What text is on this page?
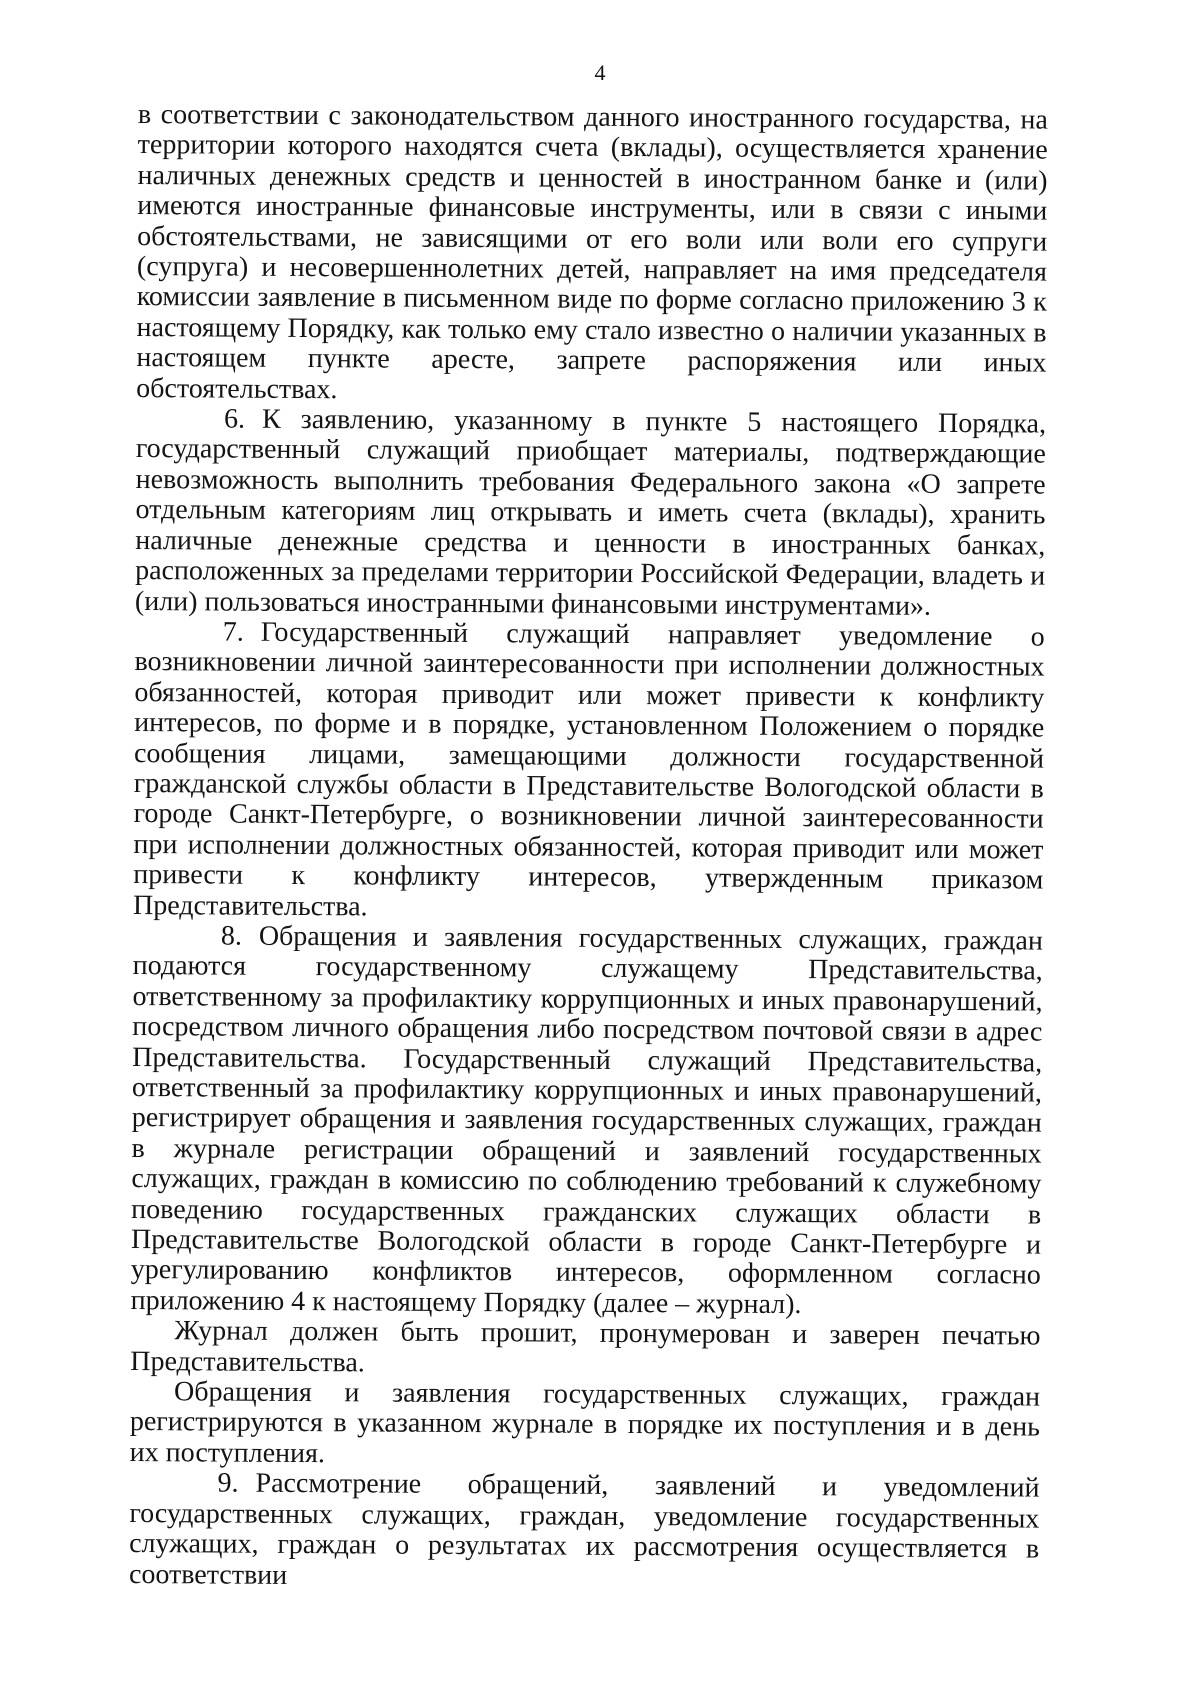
4

в соответствии с законодательством данного иностранного государства, на территории которого находятся счета (вклады), осуществляется хранение наличных денежных средств и ценностей в иностранном банке и (или) имеются иностранные финансовые инструменты, или в связи с иными обстоятельствами, не зависящими от его воли или воли его супруги (супруга) и несовершеннолетних детей, направляет на имя председателя комиссии заявление в письменном виде по форме согласно приложению 3 к настоящему Порядку, как только ему стало известно о наличии указанных в настоящем пункте аресте, запрете распоряжения или иных обстоятельствах.

6. К заявлению, указанному в пункте 5 настоящего Порядка, государственный служащий приобщает материалы, подтверждающие невозможность выполнить требования Федерального закона «О запрете отдельным категориям лиц открывать и иметь счета (вклады), хранить наличные денежные средства и ценности в иностранных банках, расположенных за пределами территории Российской Федерации, владеть и (или) пользоваться иностранными финансовыми инструментами».

7. Государственный служащий направляет уведомление о возникновении личной заинтересованности при исполнении должностных обязанностей, которая приводит или может привести к конфликту интересов, по форме и в порядке, установленном Положением о порядке сообщения лицами, замещающими должности государственной гражданской службы области в Представительстве Вологодской области в городе Санкт-Петербурге, о возникновении личной заинтересованности при исполнении должностных обязанностей, которая приводит или может привести к конфликту интересов, утвержденным приказом Представительства.

8. Обращения и заявления государственных служащих, граждан подаются государственному служащему Представительства, ответственному за профилактику коррупционных и иных правонарушений, посредством личного обращения либо посредством почтовой связи в адрес Представительства. Государственный служащий Представительства, ответственный за профилактику коррупционных и иных правонарушений, регистрирует обращения и заявления государственных служащих, граждан в журнале регистрации обращений и заявлений государственных служащих, граждан в комиссию по соблюдению требований к служебному поведению государственных гражданских служащих области в Представительстве Вологодской области в городе Санкт-Петербурге и урегулированию конфликтов интересов, оформленном согласно приложению 4 к настоящему Порядку (далее – журнал).

Журнал должен быть прошит, пронумерован и заверен печатью Представительства.

Обращения и заявления государственных служащих, граждан регистрируются в указанном журнале в порядке их поступления и в день их поступления.

9. Рассмотрение обращений, заявлений и уведомлений государственных служащих, граждан, уведомление государственных служащих, граждан о результатах их рассмотрения осуществляется в соответствии
